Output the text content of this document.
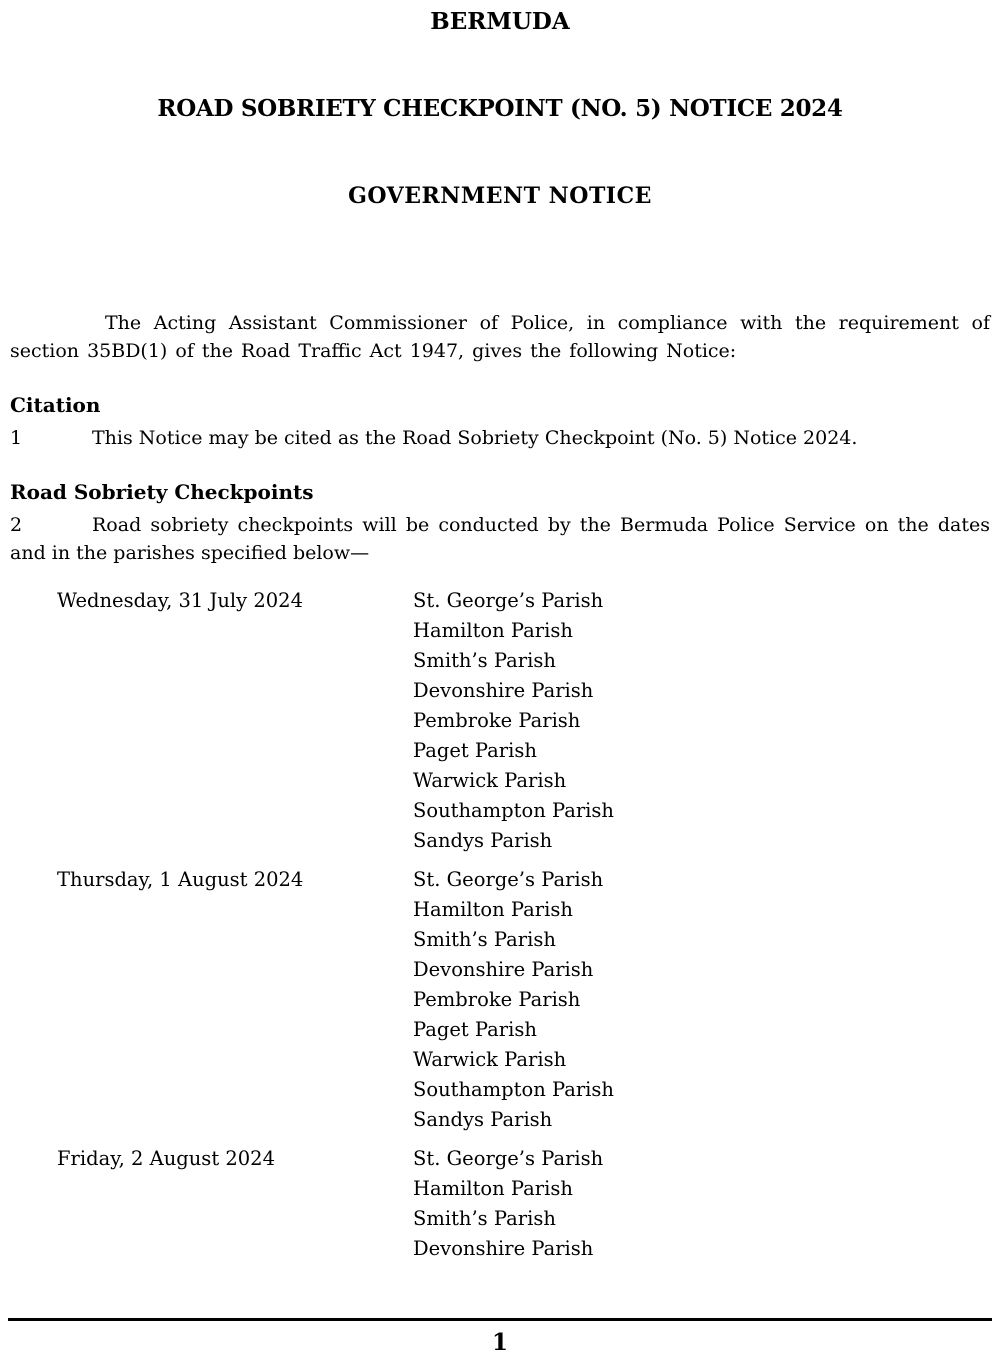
BERMUDA
ROAD SOBRIETY CHECKPOINT (NO. 5) NOTICE 2024
GOVERNMENT NOTICE

The Acting Assistant Commissioner of Police, in compliance with the requirement of section 35BD(1) of the Road Traffic Act 1947, gives the following Notice:

Citation

1	This Notice may be cited as the Road Sobriety Checkpoint (No. 5) Notice 2024.

Road Sobriety Checkpoints

2	Road sobriety checkpoints will be conducted by the Bermuda Police Service on the dates and in the parishes specified below—

Wednesday, 31 July 2024	St. George’s Parish
Hamilton Parish
Smith’s Parish
Devonshire Parish
Pembroke Parish
Paget Parish
Warwick Parish
Southampton Parish
Sandys Parish
Thursday, 1 August 2024	St. George’s Parish
Hamilton Parish
Smith’s Parish
Devonshire Parish
Pembroke Parish
Paget Parish
Warwick Parish
Southampton Parish
Sandys Parish
Friday, 2 August 2024	St. George’s Parish
Hamilton Parish
Smith’s Parish
Devonshire Parish
1
